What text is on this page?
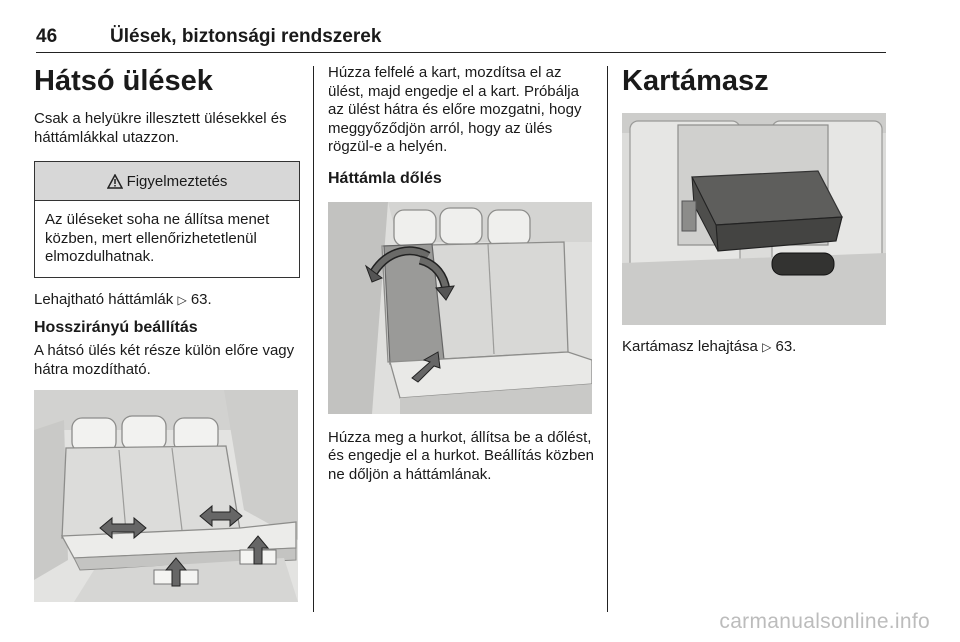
46	Ülések, biztonsági rendszerek
Hátsó ülések

Csak a helyükre illesztett ülésekkel és háttámlákkal utazzon.

Figyelmeztetés

Az üléseket soha ne állítsa menet közben, mert ellenőrizhetetlenül elmozdulhatnak.

Lehajtható háttámlák ▷ 63.

Hosszirányú beállítás

A hátsó ülés két része külön előre vagy hátra mozdítható.

Húzza felfelé a kart, mozdítsa el az ülést, majd engedje el a kart. Próbálja az ülést hátra és előre mozgatni, hogy meggyőződjön arról, hogy az ülés rögzül-e a helyén.

Háttámla dőlés

Húzza meg a hurkot, állítsa be a dőlést, és engedje el a hurkot. Beállítás közben ne dőljön a háttámlának.

Kartámasz

Kartámasz lehajtása ▷ 63.

carmanualsonline.info
